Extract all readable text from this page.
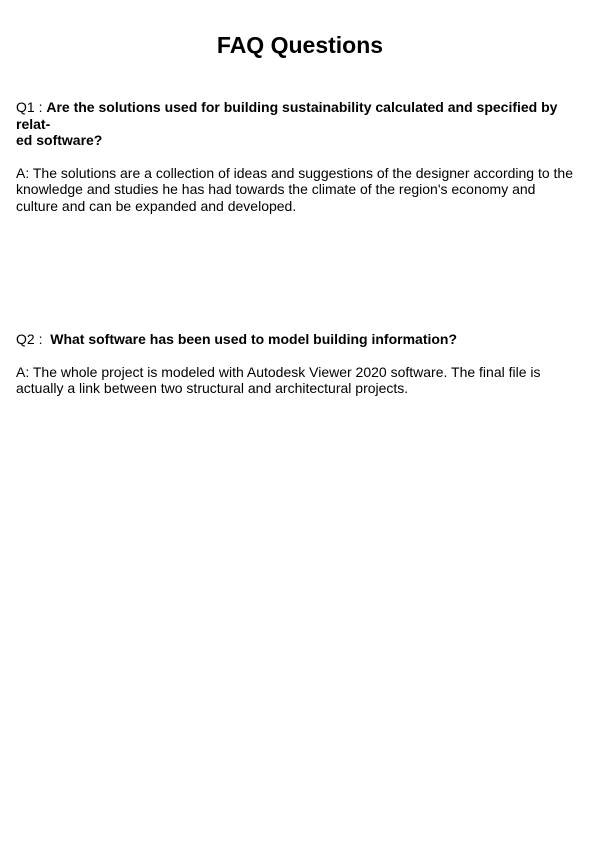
FAQ Questions

Q1 : Are the solutions used for building sustainability calculated and specified by relat-
ed software?

A: The solutions are a collection of ideas and suggestions of the designer according to the knowledge and studies he has had towards the climate of the region's economy and culture and can be expanded and developed.

Q2 :  What software has been used to model building information?

A: The whole project is modeled with Autodesk Viewer 2020 software. The final file is actually a link between two structural and architectural projects.
